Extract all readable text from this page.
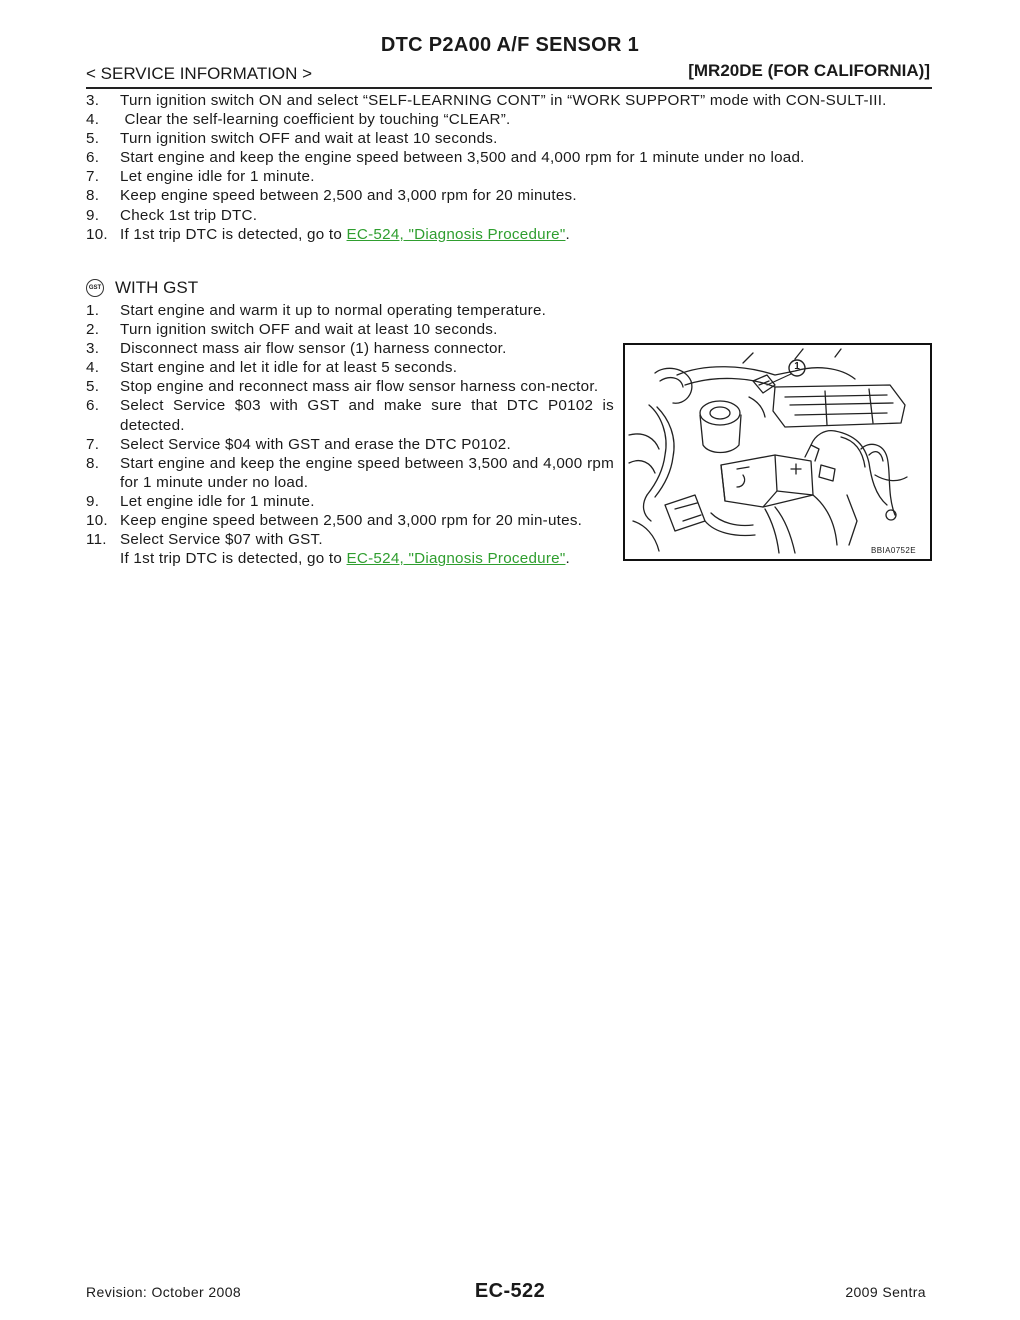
DTC P2A00 A/F SENSOR 1
< SERVICE INFORMATION >	[MR20DE (FOR CALIFORNIA)]
3. Turn ignition switch ON and select “SELF-LEARNING CONT” in “WORK SUPPORT” mode with CON-SULT-III.
4. Clear the self-learning coefficient by touching “CLEAR”.
5. Turn ignition switch OFF and wait at least 10 seconds.
6. Start engine and keep the engine speed between 3,500 and 4,000 rpm for 1 minute under no load.
7. Let engine idle for 1 minute.
8. Keep engine speed between 2,500 and 3,000 rpm for 20 minutes.
9. Check 1st trip DTC.
10. If 1st trip DTC is detected, go to EC-524, "Diagnosis Procedure".
GST WITH GST
1. Start engine and warm it up to normal operating temperature.
2. Turn ignition switch OFF and wait at least 10 seconds.
3. Disconnect mass air flow sensor (1) harness connector.
4. Start engine and let it idle for at least 5 seconds.
5. Stop engine and reconnect mass air flow sensor harness con-nector.
6. Select Service $03 with GST and make sure that DTC P0102 is detected.
7. Select Service $04 with GST and erase the DTC P0102.
8. Start engine and keep the engine speed between 3,500 and 4,000 rpm for 1 minute under no load.
9. Let engine idle for 1 minute.
10. Keep engine speed between 2,500 and 3,000 rpm for 20 min-utes.
11. Select Service $07 with GST.
If 1st trip DTC is detected, go to EC-524, "Diagnosis Procedure".
1
BBIA0752E
Revision: October 2008	EC-522	2009 Sentra
